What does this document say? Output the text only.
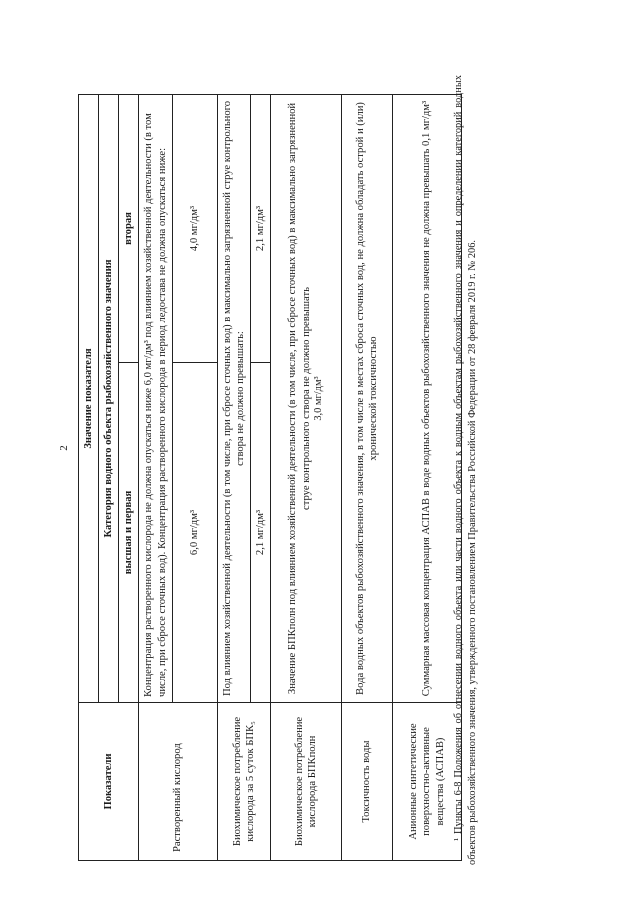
2
Показатели	Значение показателя	
	Категория водного объекта рыбохозяйственного значения	
	высшая и первая	вторая
Растворенный кислород	Концентрация растворенного кислорода не должна опускаться ниже 6,0 мг/дм³ под влиянием хозяйственной деятельности (в том числе, при сбросе сточных вод). Концентрация растворенного кислорода в период ледостава не должна опускаться ниже:	
	6,0 мг/дм³	4,0 мг/дм³
Биохимическое потребление кислорода за 5 суток БПК₅	Под влиянием хозяйственной деятельности (в том числе, при сбросе сточных вод) в максимально загрязненной струе контрольного створа не должно превышать:	
	2,1 мг/дм³	2,1 мг/дм³
Биохимическое потребление кислорода БПКполн	Значение БПКполн под влиянием хозяйственной деятельности (в том числе, при сбросе сточных вод) в максимально загрязненной струе контрольного створа не должно превышать 3,0 мг/дм³	

Токсичность воды	Вода водных объектов рыбохозяйственного значения, в том числе в местах сброса сточных вод, не должна обладать острой и (или) хронической токсичностью	
Анионные синтетические поверхностно-активные вещества (АСПАВ)	Суммарная массовая концентрация АСПАВ в воде водных объектов рыбохозяйственного значения не должна превышать 0,1 мг/дм³	¹ Пункты 6-8 Положения об отнесении водного объекта или части водного объекта к водным объектам рыбохозяйственного значения и определении категорий водных объектов рыбохозяйственного значения, утвержденного постановлением Правительства Российской Федерации от 28 февраля 2019 г. № 206.
